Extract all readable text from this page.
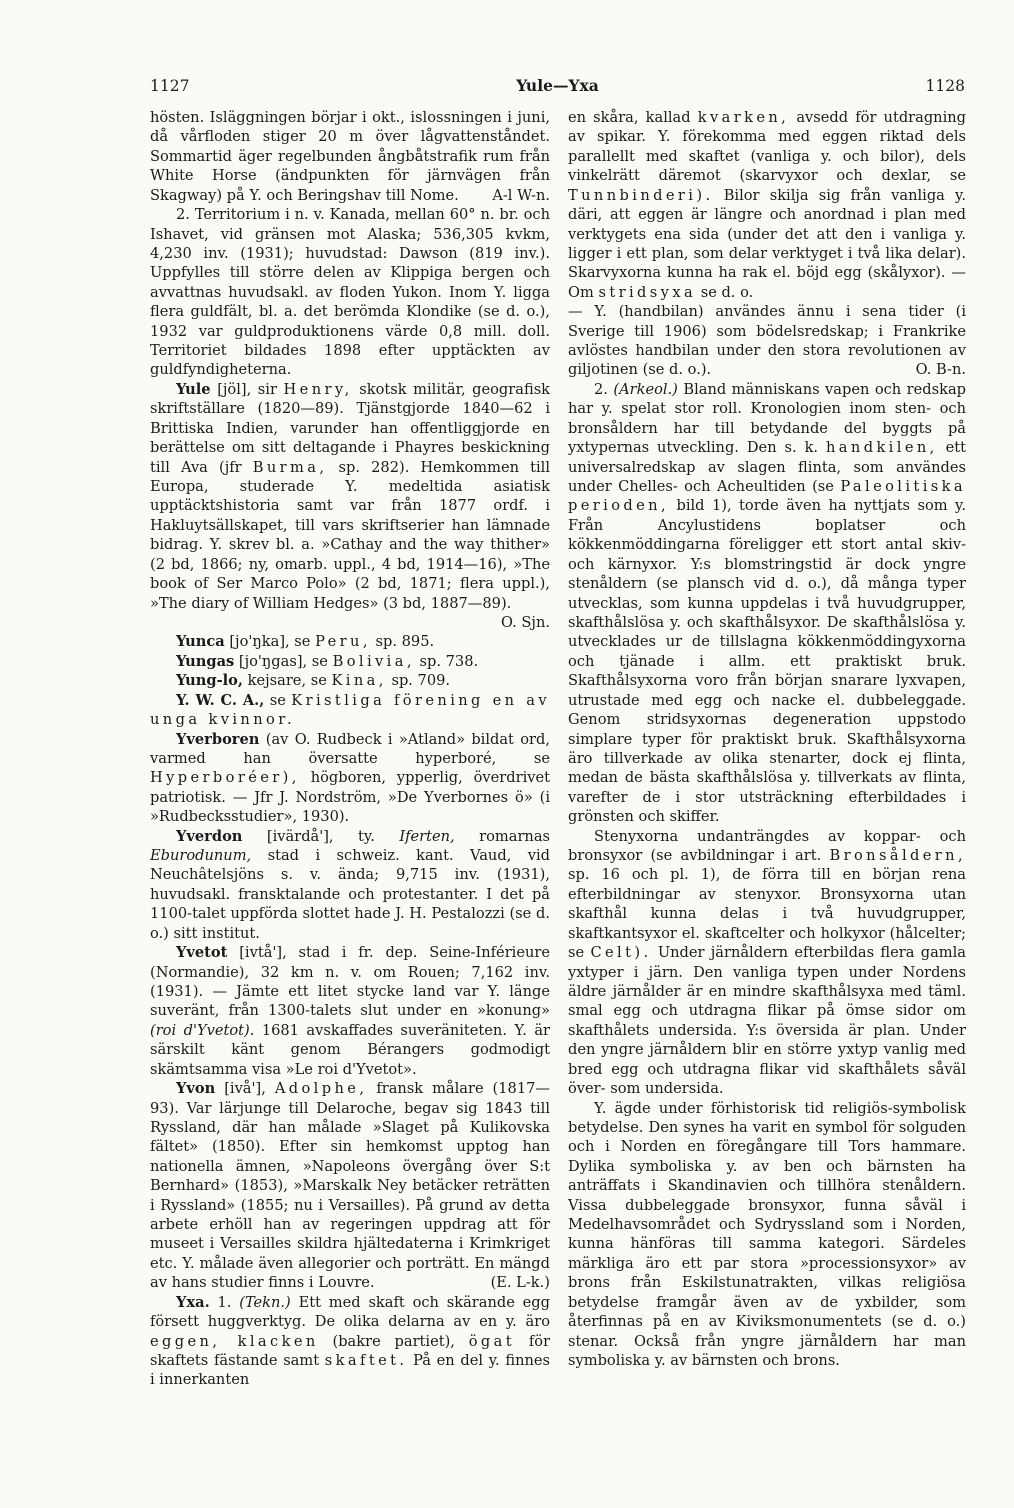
1127	Yule—Yxa	1128

hösten. Isläggningen börjar i okt., islossningen i juni, då vårfloden stiger 20 m över lågvattenståndet. Sommartid äger regelbunden ångbåtstrafik rum från White Horse (ändpunkten för järnvägen från Skagway) på Y. och Beringshav till Nome. A-l W-n.

2. Territorium i n. v. Kanada, mellan 60° n. br. och Ishavet, vid gränsen mot Alaska; 536,305 kvkm, 4,230 inv. (1931); huvudstad: Dawson (819 inv.). Uppfylles till större delen av Klippiga bergen och avvattnas huvudsakl. av floden Yukon. Inom Y. ligga flera guldfält, bl. a. det berömda Klondike (se d. o.), 1932 var guldproduktionens värde 0,8 mill. doll. Territoriet bildades 1898 efter upptäckten av guldfyndigheterna.

Yule [jöl], sir Henry, skotsk militär, geografisk skriftställare (1820—89). Tjänstgjorde 1840—62 i Brittiska Indien, varunder han offentliggjorde en berättelse om sitt deltagande i Phayres beskickning till Ava (jfr Burma, sp. 282). Hemkommen till Europa, studerade Y. medeltida asiatisk upptäcktshistoria samt var från 1877 ordf. i Hakluytsällskapet, till vars skriftserier han lämnade bidrag. Y. skrev bl. a. »Cathay and the way thither» (2 bd, 1866; ny, omarb. uppl., 4 bd, 1914—16), »The book of Ser Marco Polo» (2 bd, 1871; flera uppl.), »The diary of William Hedges» (3 bd, 1887—89).
O. Sjn.

Yunca [jo'ŋka], se Peru, sp. 895.

Yungas [jo'ŋgas], se Bolivia, sp. 738.

Yung-lo, kejsare, se Kina, sp. 709.

Y. W. C. A., se Kristliga förening en av unga kvinnor.

Yverboren (av O. Rudbeck i »Atland» bildat ord, varmed han översatte hyperboré, se Hyperboréer), högboren, ypperlig, överdrivet patriotisk. — Jfr J. Nordström, »De Yverbornes ö» (i »Rudbecksstudier», 1930).

Yverdon [ivärdå'], ty. Iferten, romarnas Eburodunum, stad i schweiz. kant. Vaud, vid Neuchâtelsjöns s. v. ända; 9,715 inv. (1931), huvudsakl. fransktalande och protestanter. I det på 1100-talet uppförda slottet hade J. H. Pestalozzi (se d. o.) sitt institut.

Yvetot [ivtå'], stad i fr. dep. Seine-Inférieure (Normandie), 32 km n. v. om Rouen; 7,162 inv. (1931). — Jämte ett litet stycke land var Y. länge suveränt, från 1300-talets slut under en »konung» (roi d'Yvetot). 1681 avskaffades suveräniteten. Y. är särskilt känt genom Bérangers godmodigt skämtsamma visa »Le roi d'Yvetot».

Yvon [ivå'], Adolphe, fransk målare (1817—93). Var lärjunge till Delaroche, begav sig 1843 till Ryssland, där han målade »Slaget på Kulikovska fältet» (1850). Efter sin hemkomst upptog han nationella ämnen, »Napoleons övergång över S:t Bernhard» (1853), »Marskalk Ney betäcker reträtten i Ryssland» (1855; nu i Versailles). På grund av detta arbete erhöll han av regeringen uppdrag att för museet i Versailles skildra hjältedaterna i Krimkriget etc. Y. målade även allegorier och porträtt. En mängd av hans studier finns i Louvre.	(E. L-k.)

Yxa. 1. (Tekn.) Ett med skaft och skärande egg försett huggverktyg. De olika delarna av en y. äro eggen, klacken (bakre partiet), ögat för skaftets fästande samt skaftet. På en del y. finnes i innerkanten

en skåra, kallad kvarken, avsedd för utdragning av spikar. Y. förekomma med eggen riktad dels parallellt med skaftet (vanliga y. och bilor), dels vinkelrätt däremot (skarvyxor och dexlar, se Tunnbinderi). Bilor skilja sig från vanliga y. däri, att eggen är längre och anordnad i plan med verktygets ena sida (under det att den i vanliga y. ligger i ett plan, som delar verktyget i två lika delar). Skarvyxorna kunna ha rak el. böjd egg (skålyxor). — Om stridsyxa se d. o.

— Y. (handbilan) användes ännu i sena tider (i Sverige till 1906) som bödelsredskap; i Frankrike avlöstes handbilan under den stora revolutionen av giljotinen (se d. o.).	O. B-n.

2. (Arkeol.) Bland människans vapen och redskap har y. spelat stor roll. Kronologien inom sten- och bronsåldern har till betydande del byggts på yxtypernas utveckling. Den s. k. handkilen, ett universalredskap av slagen flinta, som användes under Chelles- och Acheultiden (se Paleolitiska perioden, bild 1), torde även ha nyttjats som y. Från Ancylustidens boplatser och kökkenmöddingarna föreligger ett stort antal skiv- och kärnyxor. Y:s blomstringstid är dock yngre stenåldern (se plansch vid d. o.), då många typer utvecklas, som kunna uppdelas i två huvudgrupper, skafthålslösa y. och skafthålsyxor. De skafthålslösa y. utvecklades ur de tillslagna kökkenmöddingyxorna och tjänade i allm. ett praktiskt bruk. Skafthålsyxorna voro från början snarare lyxvapen, utrustade med egg och nacke el. dubbeleggade. Genom stridsyxornas degeneration uppstodo simplare typer för praktiskt bruk. Skafthålsyxorna äro tillverkade av olika stenarter, dock ej flinta, medan de bästa skafthålslösa y. tillverkats av flinta, varefter de i stor utsträckning efterbildades i grönsten och skiffer.

Stenyxorna undanträngdes av koppar- och bronsyxor (se avbildningar i art. Bronsåldern, sp. 16 och pl. 1), de förra till en början rena efterbildningar av stenyxor. Bronsyxorna utan skafthål kunna delas i två huvudgrupper, skaftkantsyxor el. skaftcelter och holkyxor (hålcelter; se Celt). Under järnåldern efterbildas flera gamla yxtyper i järn. Den vanliga typen under Nordens äldre järnålder är en mindre skafthålsyxa med täml. smal egg och utdragna flikar på ömse sidor om skafthålets undersida. Y:s översida är plan. Under den yngre järnåldern blir en större yxtyp vanlig med bred egg och utdragna flikar vid skafthålets såväl över- som undersida.

Y. ägde under förhistorisk tid religiös-symbolisk betydelse. Den synes ha varit en symbol för solguden och i Norden en föregångare till Tors hammare. Dylika symboliska y. av ben och bärnsten ha anträffats i Skandinavien och tillhöra stenåldern. Vissa dubbeleggade bronsyxor, funna såväl i Medelhavsområdet och Sydryssland som i Norden, kunna hänföras till samma kategori. Särdeles märkliga äro ett par stora »processionsyxor» av brons från Eskilstunatrakten, vilkas religiösa betydelse framgår även av de yxbilder, som återfinnas på en av Kiviksmonumentets (se d. o.) stenar. Också från yngre järnåldern har man symboliska y. av bärnsten och brons.
